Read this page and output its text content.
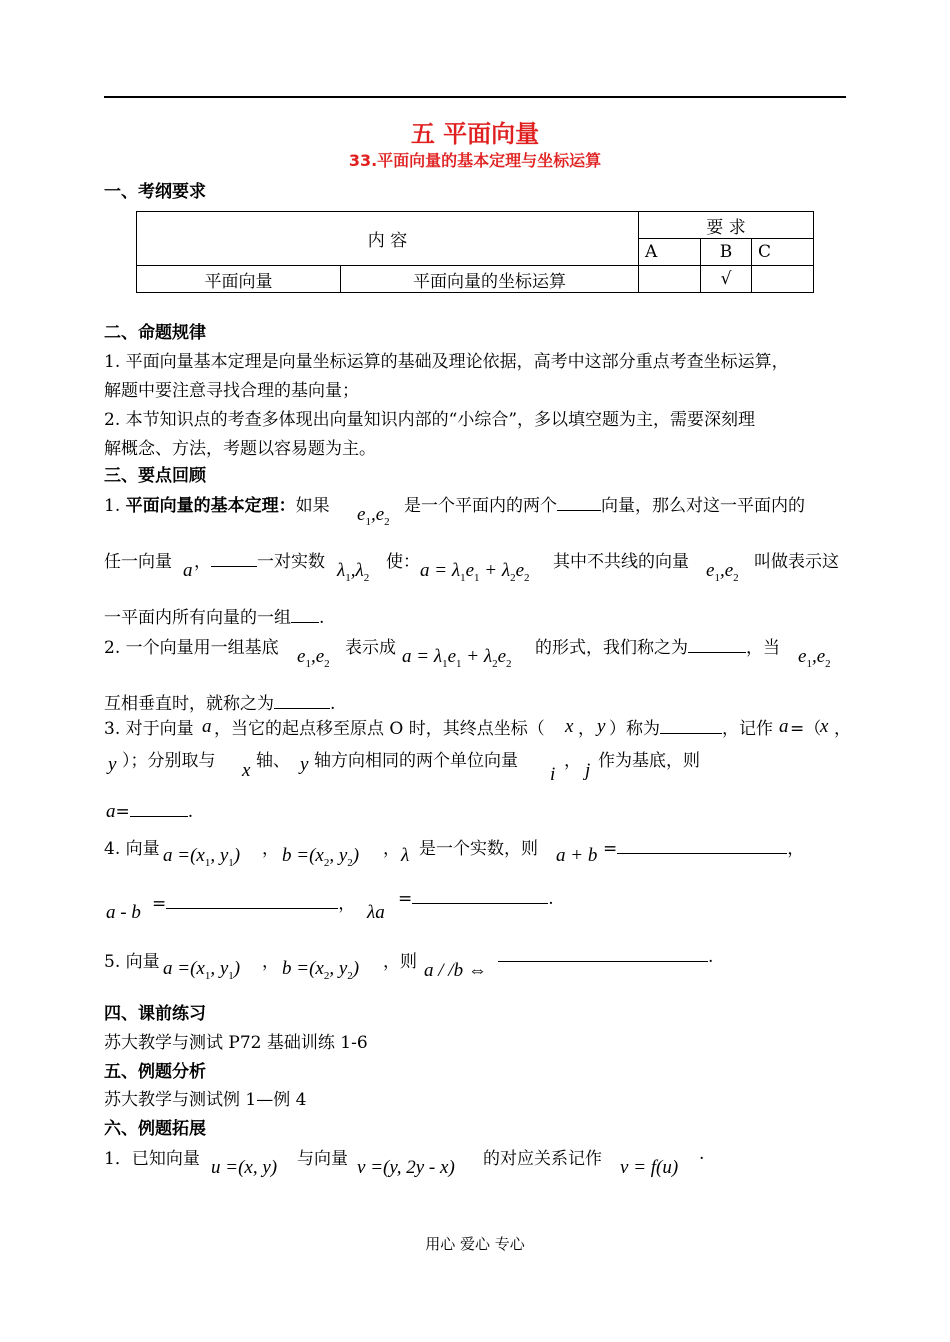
五 平面向量
33.平面向量的基本定理与坐标运算
一、考纲要求
内 容		要 求		
		A	B	C
平面向量	平面向量的坐标运算		√	
二、命题规律
1. 平面向量基本定理是向量坐标运算的基础及理论依据，高考中这部分重点考查坐标运算，
解题中要注意寻找合理的基向量；
2. 本节知识点的考查多体现出向量知识内部的“小综合”，多以填空题为主，需要深刻理
解概念、方法，考题以容易题为主。
三、要点回顾
1. 平面向量的基本定理：如果 $e_1,e_2$
是一个平面内的两个	向量，那么对这一平面内的
任一向量 a ，	一对实数 $\lambda_1,\lambda_2$
使： $a = \lambda_1e_1 + \lambda_2e_2$
其中不共线的向量 $e_1,e_2$
叫做表示这
一平面内所有向量的一组 .
2. 一个向量用一组基底 $e_1,e_2$
表示成 $a = \lambda_1e_1 + \lambda_2e_2$
的形式，我们称之为	，当 $e_1,e_2$
互相垂直时，就称之为	.
3. 对于向量 a ，当它的起点移至原点 O 时，其终点坐标（ x ， y ）称为	，记作 a =（
x ，
y ）；分别取与 x 轴、 y 轴方向相同的两个单位向量
i
， j 作为基底，则
a=	.
4. 向量 $a =(x_1$, $y_1$) ， $b =(x_2$, $y_2$) ， λ 是一个实数，则 a + b =	，
a - b =	， λa
=	.
5. 向量 $a =(x_1$, $y_1$) ， $b =(x_2$, $y_2$) ，则 a / /b ⇔
.
四、课前练习
苏大教学与测试 P72 基础训练 1-6
五、例题分析
苏大教学与测试例 1—例 4
六、例题拓展
1．已知向量 u =(x, y) 与向量 v =(y, 2y - x) 的对应关系记作 v = f(u)
.
用心 爱心 专心
